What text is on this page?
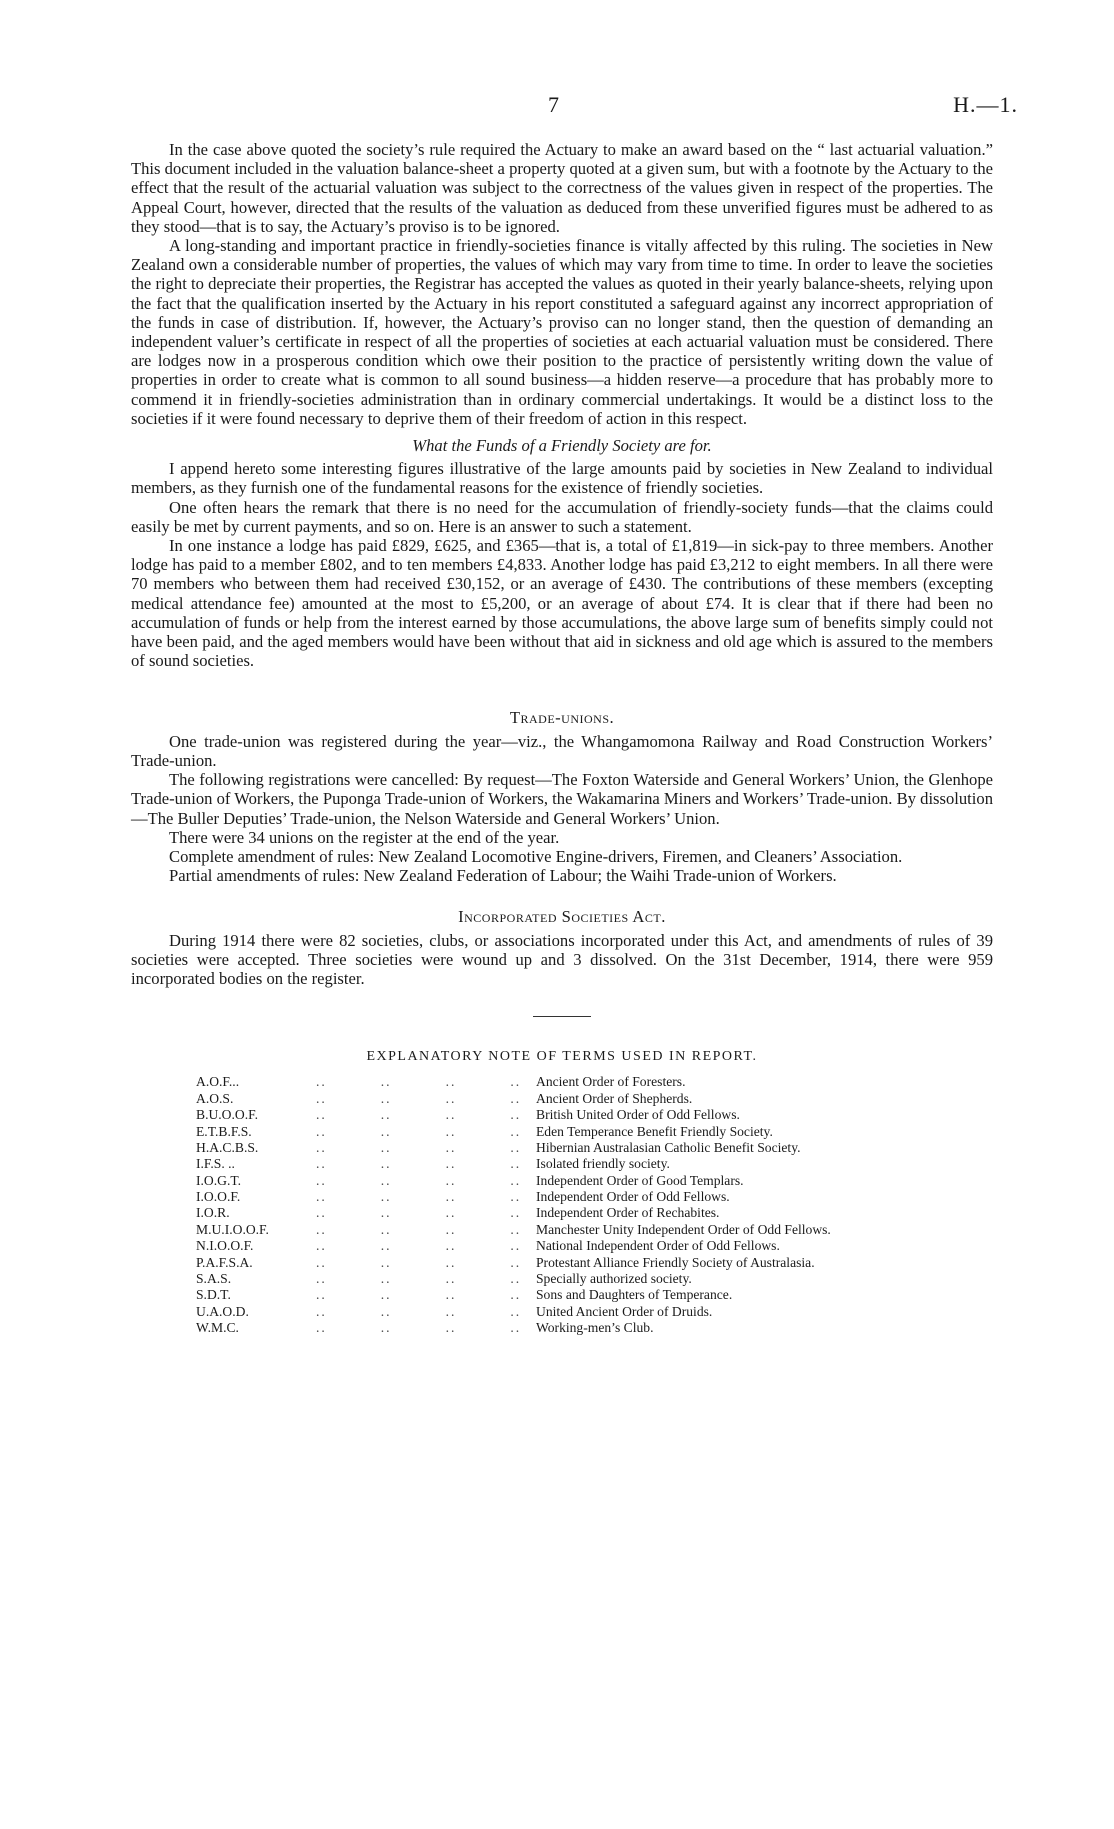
7	H.—1.

In the case above quoted the society’s rule required the Actuary to make an award based on the “ last actuarial valuation.” This document included in the valuation balance-sheet a property quoted at a given sum, but with a footnote by the Actuary to the effect that the result of the actuarial valuation was subject to the correctness of the values given in respect of the properties. The Appeal Court, however, directed that the results of the valuation as deduced from these unverified figures must be adhered to as they stood—that is to say, the Actuary’s proviso is to be ignored.

A long-standing and important practice in friendly-societies finance is vitally affected by this ruling. The societies in New Zealand own a considerable number of properties, the values of which may vary from time to time. In order to leave the societies the right to depreciate their properties, the Registrar has accepted the values as quoted in their yearly balance-sheets, relying upon the fact that the qualification inserted by the Actuary in his report constituted a safeguard against any incorrect appropriation of the funds in case of distribution. If, however, the Actuary’s proviso can no longer stand, then the question of demanding an independent valuer’s certificate in respect of all the properties of societies at each actuarial valuation must be considered. There are lodges now in a prosperous condition which owe their position to the practice of persistently writing down the value of properties in order to create what is common to all sound business—a hidden reserve—a procedure that has probably more to commend it in friendly-societies administration than in ordinary commercial undertakings. It would be a distinct loss to the societies if it were found necessary to deprive them of their freedom of action in this respect.

What the Funds of a Friendly Society are for.

I append hereto some interesting figures illustrative of the large amounts paid by societies in New Zealand to individual members, as they furnish one of the fundamental reasons for the existence of friendly societies.

One often hears the remark that there is no need for the accumulation of friendly-society funds—that the claims could easily be met by current payments, and so on. Here is an answer to such a statement.

In one instance a lodge has paid £829, £625, and £365—that is, a total of £1,819—in sick-pay to three members. Another lodge has paid to a member £802, and to ten members £4,833. Another lodge has paid £3,212 to eight members. In all there were 70 members who between them had received £30,152, or an average of £430. The contributions of these members (excepting medical attendance fee) amounted at the most to £5,200, or an average of about £74. It is clear that if there had been no accumulation of funds or help from the interest earned by those accumulations, the above large sum of benefits simply could not have been paid, and the aged members would have been without that aid in sickness and old age which is assured to the members of sound societies.

Trade-unions.

One trade-union was registered during the year—viz., the Whangamomona Railway and Road Construction Workers’ Trade-union.

The following registrations were cancelled: By request—The Foxton Waterside and General Workers’ Union, the Glenhope Trade-union of Workers, the Puponga Trade-union of Workers, the Wakamarina Miners and Workers’ Trade-union. By dissolution—The Buller Deputies’ Trade-union, the Nelson Waterside and General Workers’ Union.

There were 34 unions on the register at the end of the year.

Complete amendment of rules: New Zealand Locomotive Engine-drivers, Firemen, and Cleaners’ Association.

Partial amendments of rules: New Zealand Federation of Labour; the Waihi Trade-union of Workers.

Incorporated Societies Act.

During 1914 there were 82 societies, clubs, or associations incorporated under this Act, and amendments of rules of 39 societies were accepted. Three societies were wound up and 3 dissolved. On the 31st December, 1914, there were 959 incorporated bodies on the register.

EXPLANATORY NOTE OF TERMS USED IN REPORT.
A.O.F...	..          ..          ..          ..	Ancient Order of Foresters.
A.O.S.	..          ..          ..          ..	Ancient Order of Shepherds.
B.U.O.O.F.	..          ..          ..          ..	British United Order of Odd Fellows.
E.T.B.F.S.	..          ..          ..          ..	Eden Temperance Benefit Friendly Society.
H.A.C.B.S.	..          ..          ..          ..	Hibernian Australasian Catholic Benefit Society.
I.F.S. ..	..          ..          ..          ..	Isolated friendly society.
I.O.G.T.	..          ..          ..          ..	Independent Order of Good Templars.
I.O.O.F.	..          ..          ..          ..	Independent Order of Odd Fellows.
I.O.R.	..          ..          ..          ..	Independent Order of Rechabites.
M.U.I.O.O.F.	..          ..          ..          ..	Manchester Unity Independent Order of Odd Fellows.
N.I.O.O.F.	..          ..          ..          ..	National Independent Order of Odd Fellows.
P.A.F.S.A.	..          ..          ..          ..	Protestant Alliance Friendly Society of Australasia.
S.A.S.	..          ..          ..          ..	Specially authorized society.
S.D.T.	..          ..          ..          ..	Sons and Daughters of Temperance.
U.A.O.D.	..          ..          ..          ..	United Ancient Order of Druids.
W.M.C.	..          ..          ..          ..	Working-men’s Club.
